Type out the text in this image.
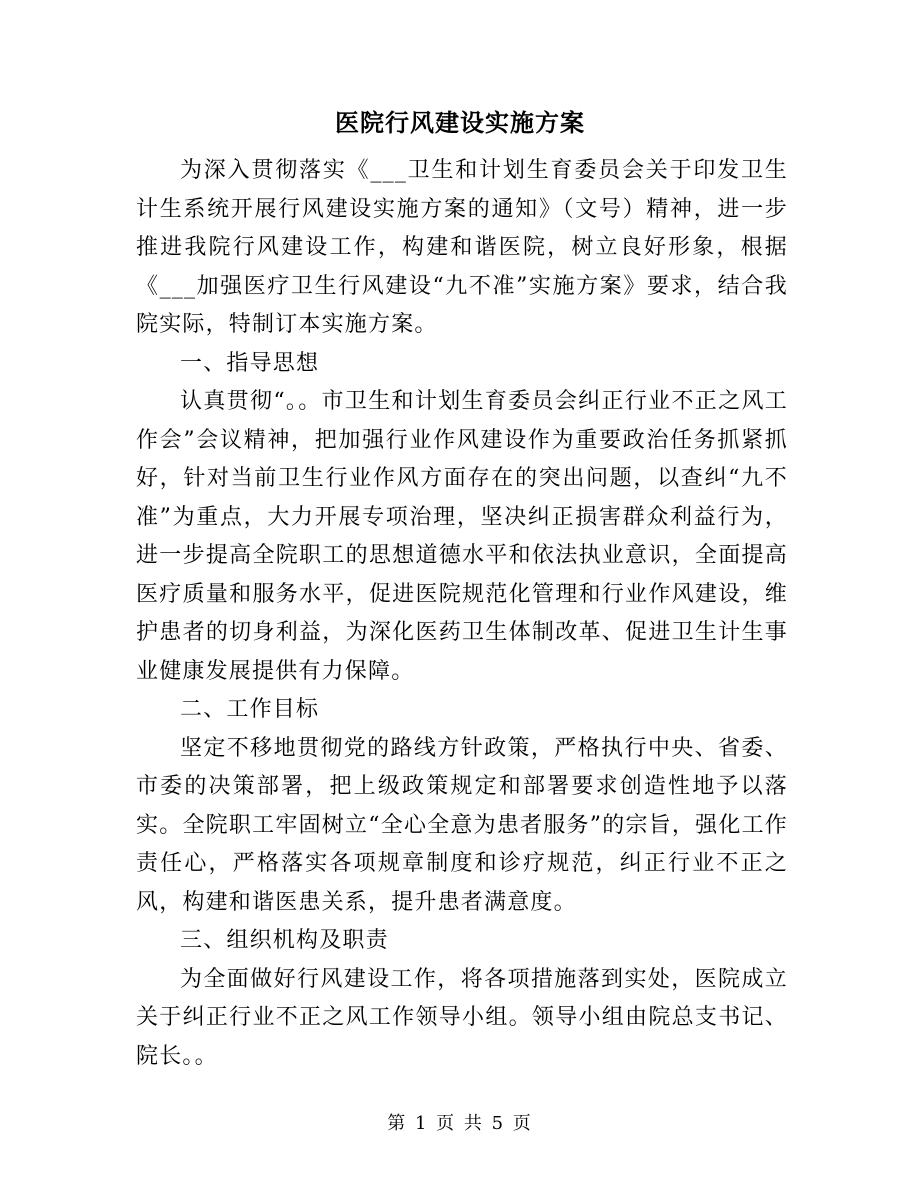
医院行风建设实施方案

为深入贯彻落实《___卫生和计划生育委员会关于印发卫生计生系统开展行风建设实施方案的通知》（文号）精神，进一步推进我院行风建设工作，构建和谐医院，树立良好形象，根据《___加强医疗卫生行风建设“九不准”实施方案》要求，结合我院实际，特制订本实施方案。

一、指导思想

认真贯彻“。。市卫生和计划生育委员会纠正行业不正之风工作会”会议精神，把加强行业作风建设作为重要政治任务抓紧抓好，针对当前卫生行业作风方面存在的突出问题，以查纠“九不准”为重点，大力开展专项治理，坚决纠正损害群众利益行为，进一步提高全院职工的思想道德水平和依法执业意识，全面提高医疗质量和服务水平，促进医院规范化管理和行业作风建设，维护患者的切身利益，为深化医药卫生体制改革、促进卫生计生事业健康发展提供有力保障。

二、工作目标

坚定不移地贯彻党的路线方针政策，严格执行中央、省委、市委的决策部署，把上级政策规定和部署要求创造性地予以落实。全院职工牢固树立“全心全意为患者服务”的宗旨，强化工作责任心，严格落实各项规章制度和诊疗规范，纠正行业不正之风，构建和谐医患关系，提升患者满意度。

三、组织机构及职责

为全面做好行风建设工作，将各项措施落到实处，医院成立关于纠正行业不正之风工作领导小组。领导小组由院总支书记、院长。。

第 1 页 共 5 页
